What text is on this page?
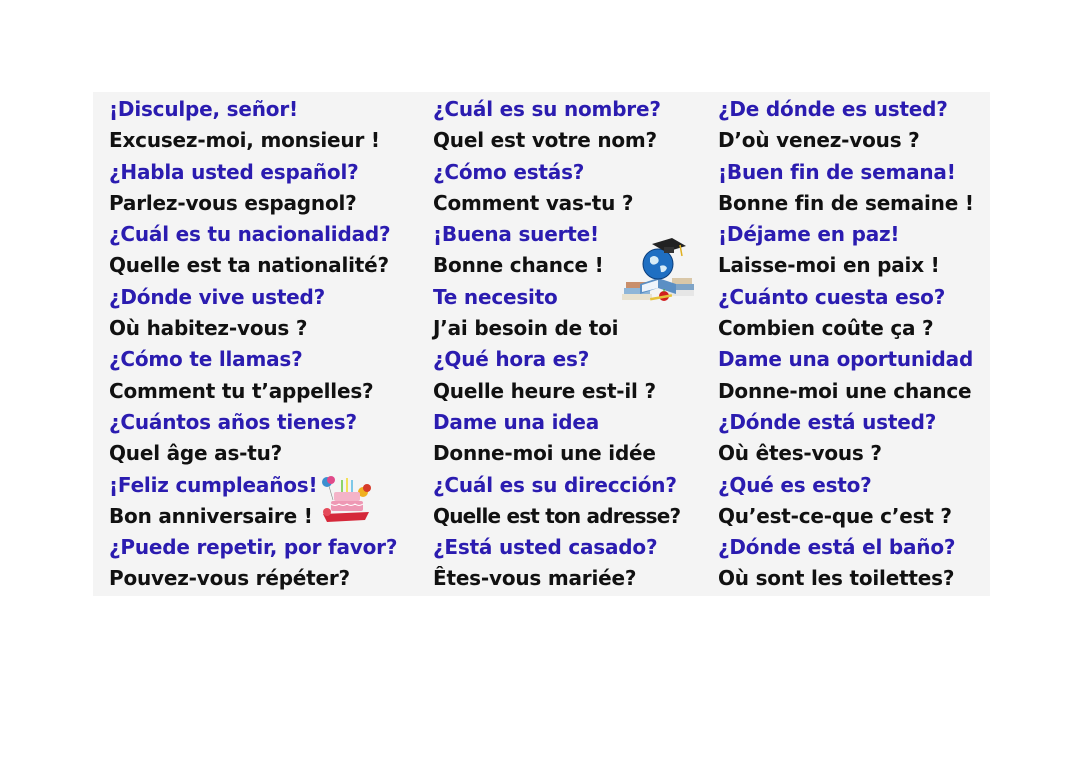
¡Disculpe, señor!
Excusez-moi, monsieur !
¿Habla usted español?
Parlez-vous espagnol?
¿Cuál es tu nacionalidad?
Quelle est ta nationalité?
¿Dónde vive usted?
Où habitez-vous ?
¿Cómo te llamas?
Comment tu t’appelles?
¿Cuántos años tienes?
Quel âge as-tu?
¡Feliz cumpleaños!
Bon anniversaire !
¿Puede repetir, por favor?
Pouvez-vous répéter?
¿Cuál es su nombre?
Quel est votre nom?
¿Cómo estás?
Comment vas-tu ?
¡Buena suerte!
Bonne chance !
Te necesito
J’ai besoin de toi
¿Qué hora es?
Quelle heure est-il ?
Dame una idea
Donne-moi une idée
¿Cuál es su dirección?
Quelle est ton adresse?
¿Está usted casado?
Êtes-vous mariée?
¿De dónde es usted?
D’où venez-vous ?
¡Buen fin de semana!
Bonne fin de semaine !
¡Déjame en paz!
Laisse-moi en paix !
¿Cuánto cuesta eso?
Combien coûte ça ?
Dame una oportunidad
Donne-moi une chance
¿Dónde está usted?
Où êtes-vous ?
¿Qué es esto?
Qu’est-ce-que c’est ?
¿Dónde está el baño?
Où sont les toilettes?
